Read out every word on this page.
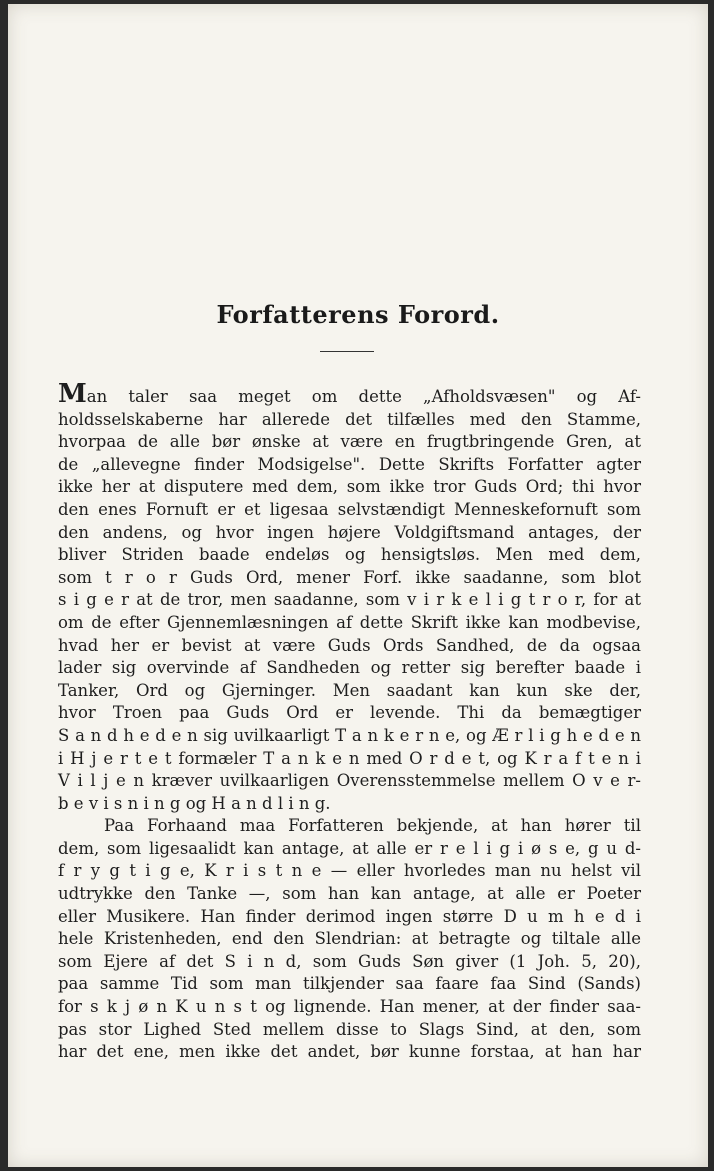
Forfatterens Forord.
Man taler saa meget om dette „Afholdsvæsen" og Af-
holdsselskaberne har allerede det tilfælles med den Stamme,
hvorpaa de alle bør ønske at være en frugtbringende Gren, at
de „allevegne finder Modsigelse". Dette Skrifts Forfatter agter
ikke her at disputere med dem, som ikke tror Guds Ord; thi hvor
den enes Fornuft er et ligesaa selvstændigt Menneskefornuft som
den andens, og hvor ingen højere Voldgiftsmand antages, der
bliver Striden baade endeløs og hensigtsløs. Men med dem,
som t r o r Guds Ord, mener Forf. ikke saadanne, som blot
s i g e r at de tror, men saadanne, som v i r k e l i g t r o r, for at
om de efter Gjennemlæsningen af dette Skrift ikke kan modbevise,
hvad her er bevist at være Guds Ords Sandhed, de da ogsaa
lader sig overvinde af Sandheden og retter sig berefter baade i
Tanker, Ord og Gjerninger. Men saadant kan kun ske der,
hvor Troen paa Guds Ord er levende. Thi da bemægtiger
S a n d h e d e n sig uvilkaarligt T a n k e r n e, og Æ r l i g h e d e n
i H j e r t e t formæler T a n k e n med O r d e t, og K r a f t e n i
V i l j e n kræver uvilkaarligen Overensstemmelse mellem O v e r-
b e v i s n i n g og H a n d l i n g.
Paa Forhaand maa Forfatteren bekjende, at han hører til
dem, som ligesaalidt kan antage, at alle er r e l i g i ø s e, g u d-
f r y g t i g e, K r i s t n e — eller hvorledes man nu helst vil
udtrykke den Tanke —, som han kan antage, at alle er Poeter
eller Musikere. Han finder derimod ingen større D u m h e d i
hele Kristenheden, end den Slendrian: at betragte og tiltale alle
som Ejere af det S i n d, som Guds Søn giver (1 Joh. 5, 20),
paa samme Tid som man tilkjender saa faare faa Sind (Sands)
for s k j ø n K u n s t og lignende. Han mener, at der finder saa-
pas stor Lighed Sted mellem disse to Slags Sind, at den, som
har det ene, men ikke det andet, bør kunne forstaa, at han har
